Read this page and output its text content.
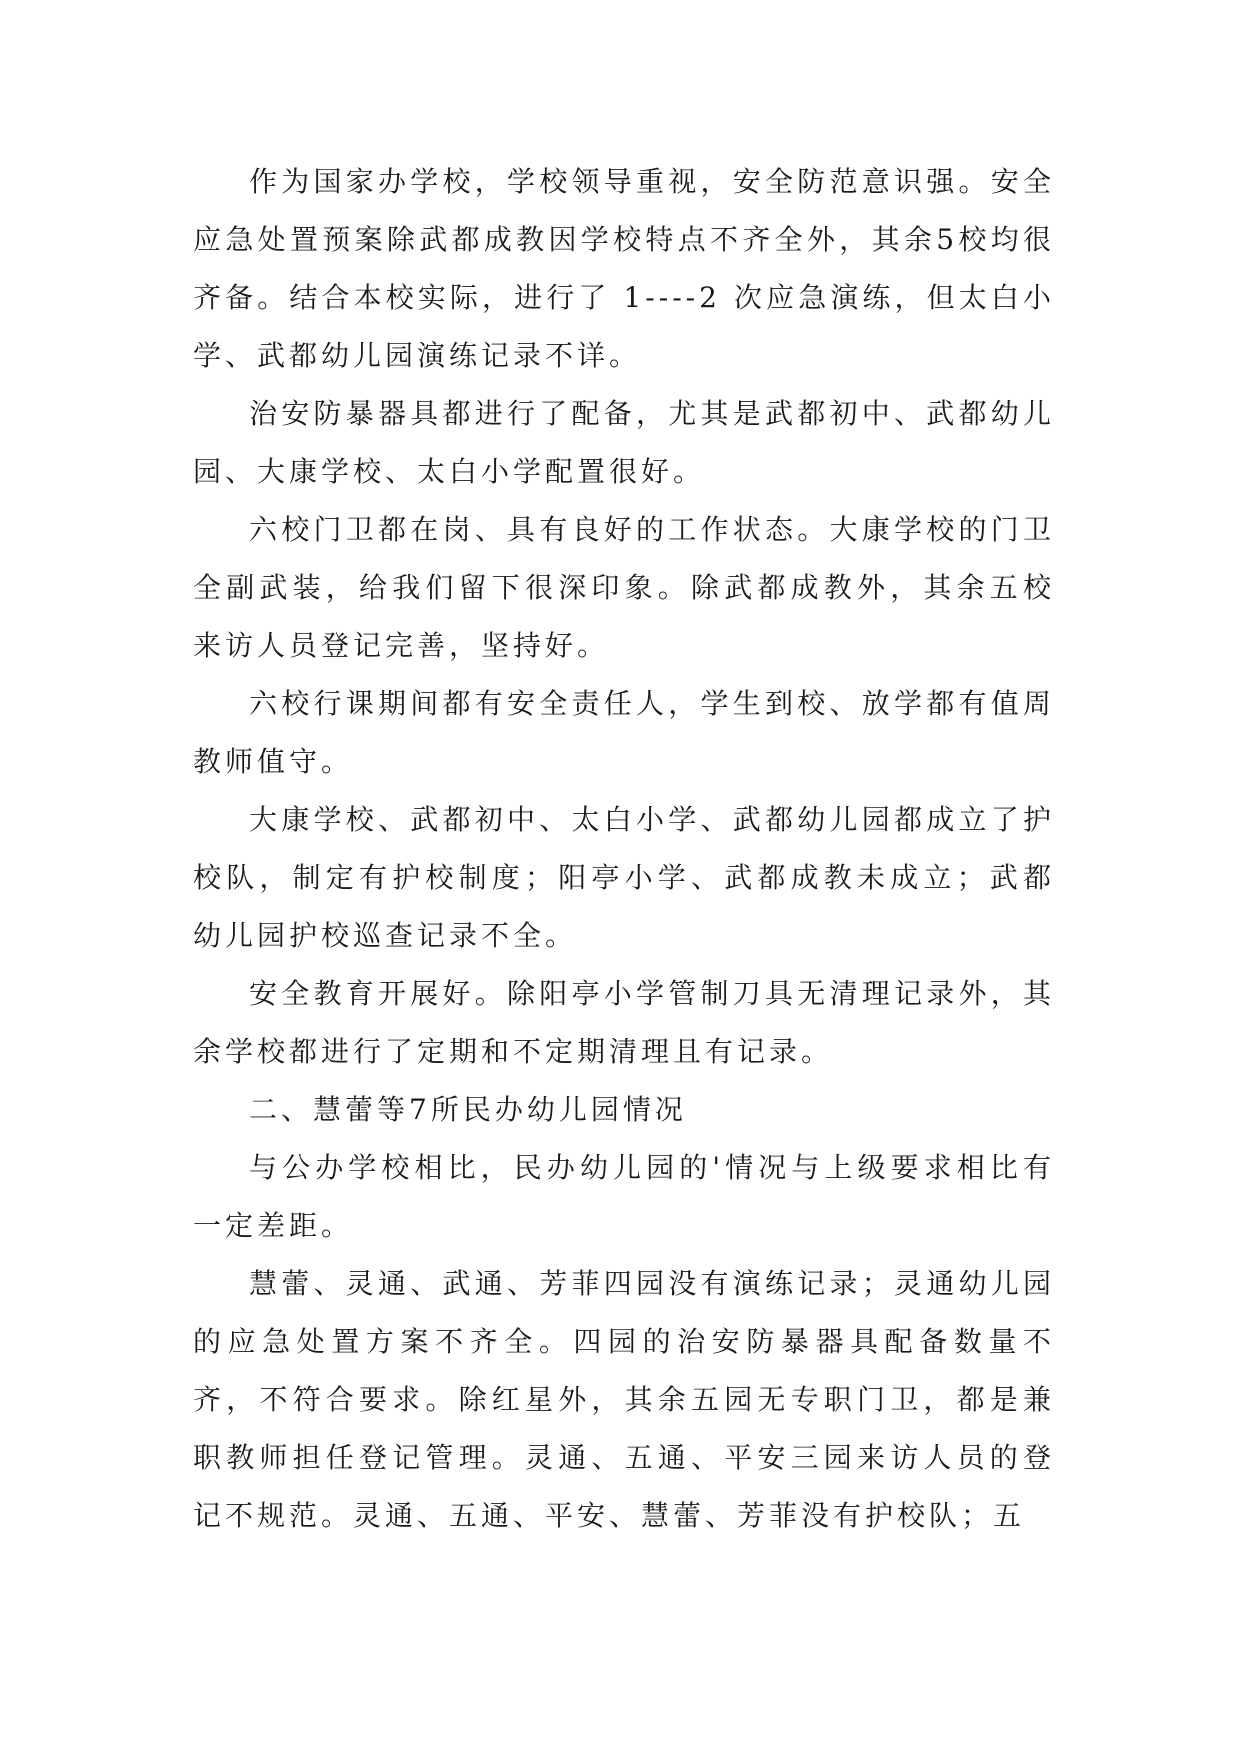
作为国家办学校，学校领导重视，安全防范意识强。安全应急处置预案除武都成教因学校特点不齐全外，其余5校均很齐备。结合本校实际，进行了 1----2 次应急演练，但太白小学、武都幼儿园演练记录不详。

治安防暴器具都进行了配备，尤其是武都初中、武都幼儿园、大康学校、太白小学配置很好。

六校门卫都在岗、具有良好的工作状态。大康学校的门卫全副武装，给我们留下很深印象。除武都成教外，其余五校来访人员登记完善，坚持好。

六校行课期间都有安全责任人，学生到校、放学都有值周教师值守。

大康学校、武都初中、太白小学、武都幼儿园都成立了护校队，制定有护校制度；阳亭小学、武都成教未成立；武都幼儿园护校巡查记录不全。

安全教育开展好。除阳亭小学管制刀具无清理记录外，其余学校都进行了定期和不定期清理且有记录。

二、慧蕾等7所民办幼儿园情况

与公办学校相比，民办幼儿园的'情况与上级要求相比有一定差距。

慧蕾、灵通、武通、芳菲四园没有演练记录；灵通幼儿园的应急处置方案不齐全。四园的治安防暴器具配备数量不齐，不符合要求。除红星外，其余五园无专职门卫，都是兼职教师担任登记管理。灵通、五通、平安三园来访人员的登记不规范。灵通、五通、平安、慧蕾、芳菲没有护校队；五
